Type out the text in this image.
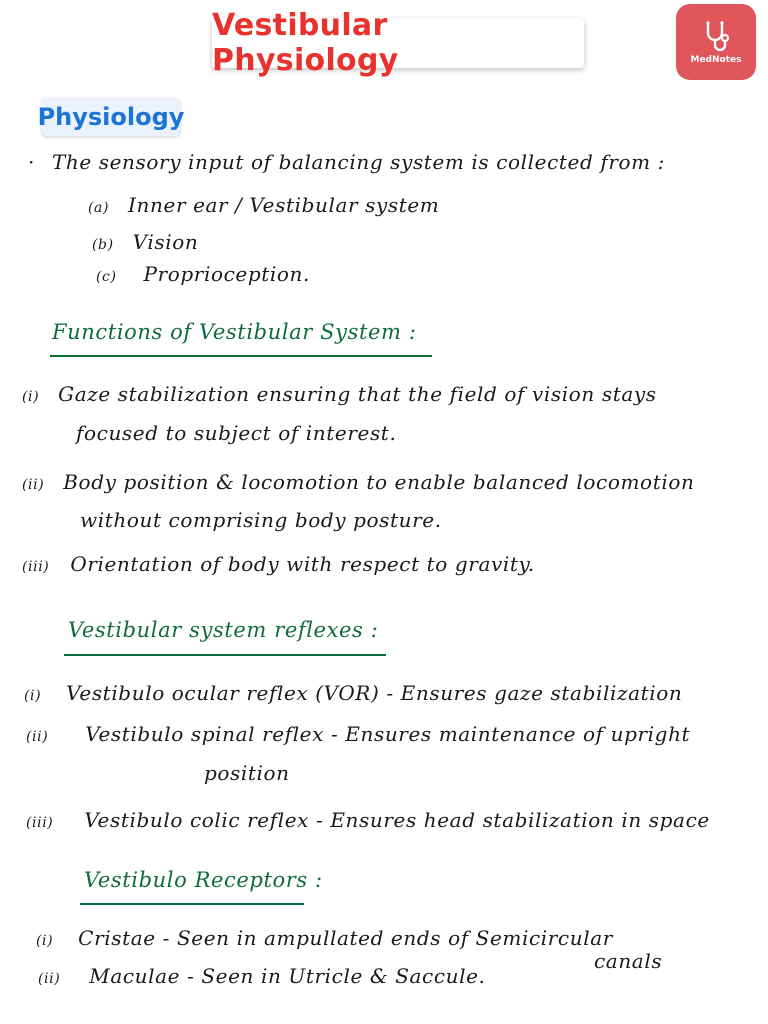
Vestibular Physiology	MedNotes
Physiology
· The sensory input of balancing system is collected from :
(a) Inner ear / Vestibular system
(b) Vision
(c) Proprioception.
Functions of Vestibular System :
(i) Gaze stabilization ensuring that the field of vision stays
focused to subject of interest.
(ii) Body position & locomotion to enable balanced locomotion
without comprising body posture.
(iii) Orientation of body with respect to gravity.
Vestibular system reflexes :
(i) Vestibulo ocular reflex (VOR) - Ensures gaze stabilization
(ii) Vestibulo spinal reflex - Ensures maintenance of upright
position
(iii) Vestibulo colic reflex - Ensures head stabilization in space
Vestibulo Receptors :
(i) Cristae - Seen in ampullated ends of Semicircular
canals
(ii) Maculae - Seen in Utricle & Saccule.
